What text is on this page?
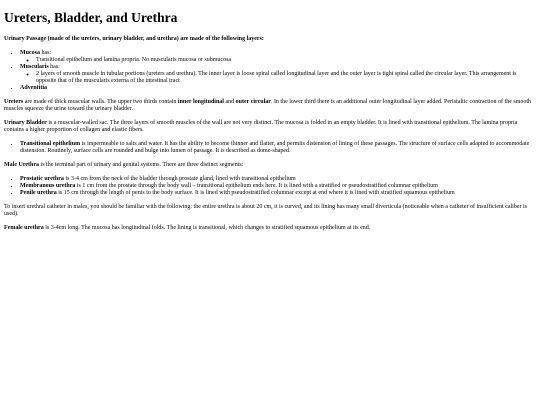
Ureters, Bladder, and Urethra

Urinary Passage (made of the ureters, urinary bladder, and urethra) are made of the following layers:

• Mucosa has:
◦ Transitional epithelium and lamina propria. No muscularis mucosa or submucosa
• Muscularis has:
◦ 2 layers of smooth muscle in tubular portions (ureters and urethra). The inner layer is loose spiral called longitudinal layer and the outer layer is tight spiral called the circular layer. This arrangement is opposite that of the muscularis externa of the intestinal tract
• Adventitia

Ureters are made of thick muscular walls. The upper two thirds contain inner longitudinal and outer circular. In the lower third there is an additional outer longitudinal layer added. Peristaltic contraction of the smooth muscles squeeze the urine toward the urinary bladder.

Urinary Bladder is a muscular-walled sac. The three layers of smooth muscles of the wall are not very distinct. The mucosa is folded in an empty bladder. It is lined with transitional epithelium. The lamina propria contains a higher proportion of collagen and elastic fibers.

• Transitional epithelium is impermeable to salts and water. It has the ability to become thinner and flatter, and permits distension of lining of these passages. The structure of surface cells adapted to accommodate distension. Routinely, surface cells are rounded and bulge into lumen of passage. It is described as dome-shaped.

Male Urethra is the terminal part of urinary and genital systems. There are three distinct segments:

• Prostatic urethra is 3-4 cm from the neck of the bladder through prostate gland, lined with transitional epithelium
• Membranous urethra is 1 cm from the prostate through the body wall – transitional epithelium ends here. It is lined with a stratified or pseudostratified columnar epithelium
• Penile urethra is 15 cm through the length of penis to the body surface. It is lined with pseudostratified columnar except at end where it is lined with stratified squamous epithelium

To insert urethral catheter in males, you should be familiar with the following: the entire urethra is about 20 cm, it is curved, and its lining has many small diverticula (noticeable when a catheter of insufficient caliber is used).

Female urethra is 3-4cm long. The mucosa has longitudinal folds. The lining is transitional, which changes to stratified squamous epithelium at its end.
